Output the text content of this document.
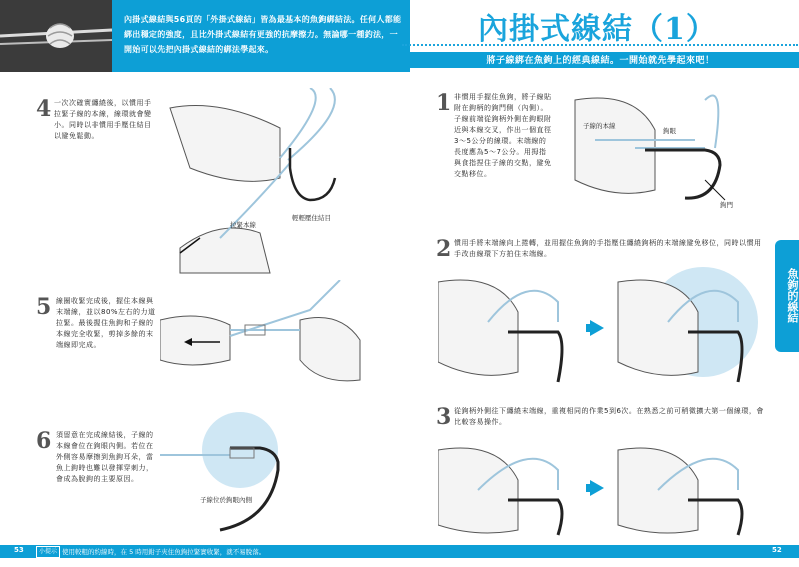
內掛式線結與56頁的「外掛式線結」皆為最基本的魚鉤綁結法。任何人都能綁出穩定的強度，且比外掛式線結有更強的抗摩擦力。無論哪一種釣法，一開始可以先把內掛式線結的綁法學起來。
內掛式線結（1）
將子線綁在魚鉤上的經典線結。一開始就先學起來吧！
魚鉤的線結
4 一次次確實纏繞後，以慣用手拉緊子線的本線，線環就會變小。同時以非慣用手壓住結目以避免鬆動。
拉緊本線
輕輕壓住結目
5 線圈收緊完成後，握住本線與末端線，並以80%左右的力道拉緊。最後握住魚鉤和子線的本線完全收緊，剪掉多餘的末端線即完成。
6 須留意在完成線結後，子線的本線會位在鉤眼內側。若位在外側容易摩擦到魚鉤耳朵，當魚上鉤時也難以發揮穿刺力，會成為脫鉤的主要原因。
子線位於鉤眼內側
1 非慣用手握住魚鉤，將子線貼附在鉤柄的鉤門側（內側）。子線前端從鉤柄外側在鉤眼附近與本線交叉，作出一個直徑3～5公分的線環。末端線的長度應為5～7公分。用拇指與食指捏住子線的交點，避免交點移位。
子線的本線
鉤眼
鉤門
2 慣用手將末端線向上捲轉，並用握住魚鉤的手指壓住纏繞鉤柄的末端線避免移位，同時以慣用手改由線環下方拍住末端線。
3 從鉤柄外側往下纏繞末端線，重複相同的作業5到6次。在熟悉之前可稍微擴大第一個線環，會比較容易操作。
53	小提示 使用較粗的約線時，在 5 時用鉗子夾住魚鉤拉緊實收緊，就不易脫落。	52
